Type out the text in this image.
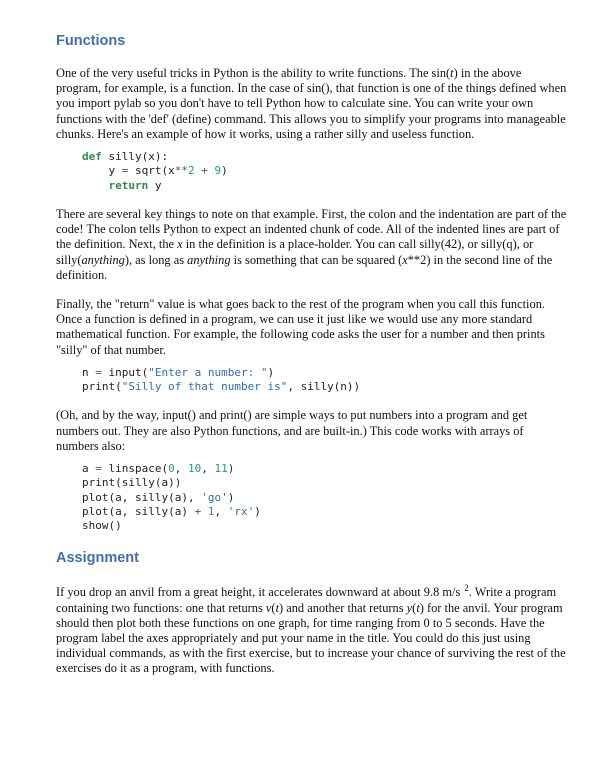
Functions

One of the very useful tricks in Python is the ability to write functions. The sin(t) in the above program, for example, is a function. In the case of sin(), that function is one of the things defined when you import pylab so you don't have to tell Python how to calculate sine. You can write your own functions with the 'def' (define) command. This allows you to simplify your programs into manageable chunks. Here's an example of how it works, using a rather silly and useless function.

def silly(x):
y = sqrt(x**2 + 9)
return y

There are several key things to note on that example. First, the colon and the indentation are part of the code! The colon tells Python to expect an indented chunk of code. All of the indented lines are part of the definition. Next, the x in the definition is a place-holder. You can call silly(42), or silly(q), or silly(anything), as long as anything is something that can be squared (x**2) in the second line of the definition.

Finally, the "return" value is what goes back to the rest of the program when you call this function. Once a function is defined in a program, we can use it just like we would use any more standard mathematical function. For example, the following code asks the user for a number and then prints "silly" of that number.

n = input("Enter a number: ")
print("Silly of that number is", silly(n))

(Oh, and by the way, input() and print() are simple ways to put numbers into a program and get numbers out. They are also Python functions, and are built-in.) This code works with arrays of numbers also:

a = linspace(0, 10, 11)
print(silly(a))
plot(a, silly(a), 'go')
plot(a, silly(a) + 1, 'rx')
show()
Assignment

If you drop an anvil from a great height, it accelerates downward at about 9.8 m/s $^2$. Write a program containing two functions: one that returns v(t) and another that returns y(t) for the anvil. Your program should then plot both these functions on one graph, for time ranging from 0 to 5 seconds. Have the program label the axes appropriately and put your name in the title. You could do this just using individual commands, as with the first exercise, but to increase your chance of surviving the rest of the exercises do it as a program, with functions.
